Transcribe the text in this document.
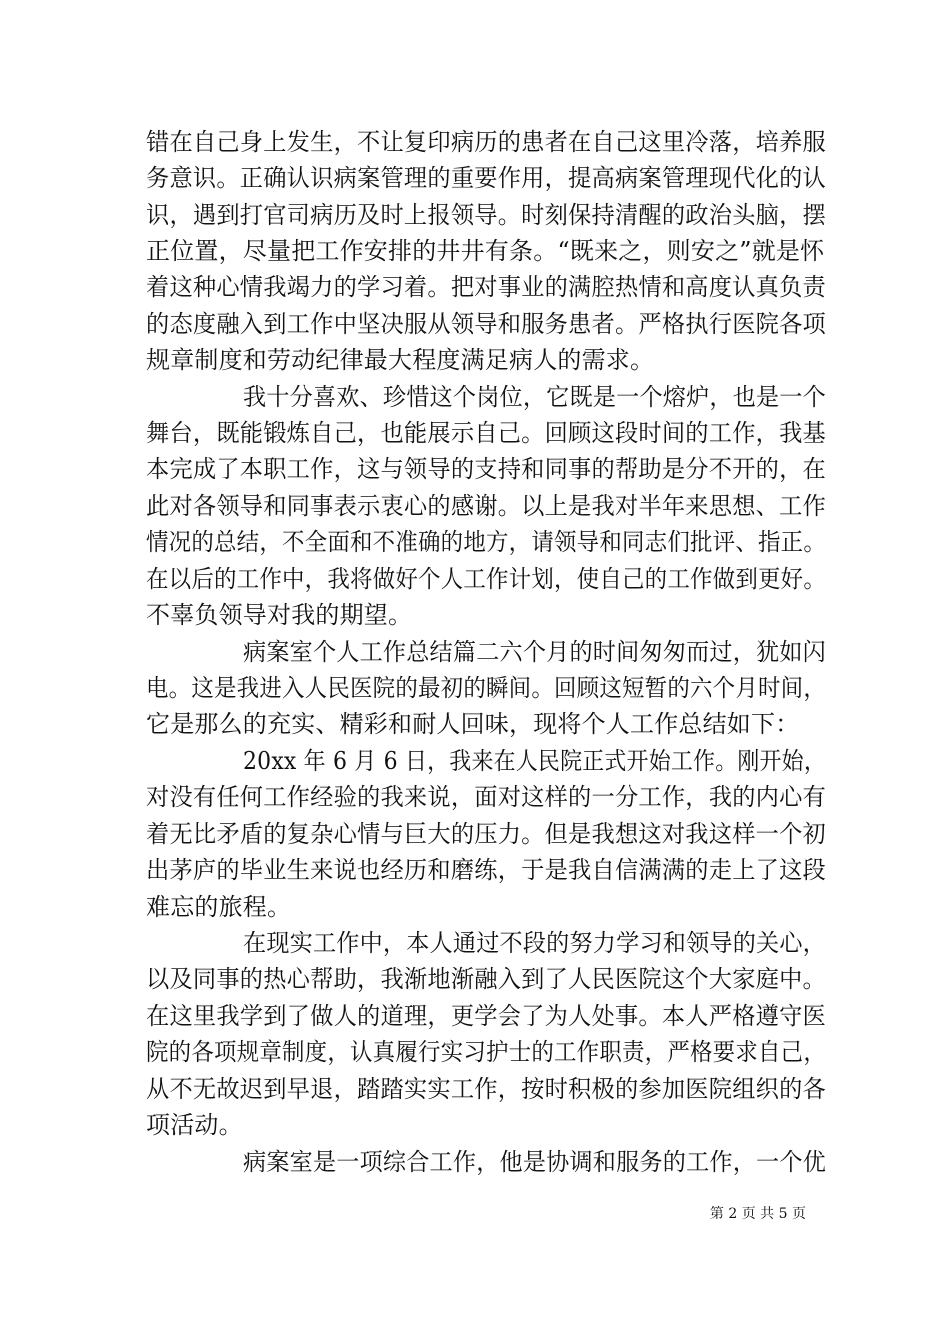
错在自己身上发生，不让复印病历的患者在自己这里冷落，培养服
务意识。正确认识病案管理的重要作用，提高病案管理现代化的认
识，遇到打官司病历及时上报领导。时刻保持清醒的政治头脑，摆
正位置，尽量把工作安排的井井有条。“既来之，则安之”就是怀
着这种心情我竭力的学习着。把对事业的满腔热情和高度认真负责
的态度融入到工作中坚决服从领导和服务患者。严格执行医院各项
规章制度和劳动纪律最大程度满足病人的需求。
我十分喜欢、珍惜这个岗位，它既是一个熔炉，也是一个
舞台，既能锻炼自己，也能展示自己。回顾这段时间的工作，我基
本完成了本职工作，这与领导的支持和同事的帮助是分不开的，在
此对各领导和同事表示衷心的感谢。以上是我对半年来思想、工作
情况的总结，不全面和不准确的地方，请领导和同志们批评、指正。
在以后的工作中，我将做好个人工作计划，使自己的工作做到更好。
不辜负领导对我的期望。
病案室个人工作总结篇二六个月的时间匆匆而过，犹如闪
电。这是我进入人民医院的最初的瞬间。回顾这短暂的六个月时间，
它是那么的充实、精彩和耐人回味，现将个人工作总结如下：
20xx 年 6 月 6 日，我来在人民院正式开始工作。刚开始，
对没有任何工作经验的我来说，面对这样的一分工作，我的内心有
着无比矛盾的复杂心情与巨大的压力。但是我想这对我这样一个初
出茅庐的毕业生来说也经历和磨练，于是我自信满满的走上了这段
难忘的旅程。
在现实工作中，本人通过不段的努力学习和领导的关心，
以及同事的热心帮助，我渐地渐融入到了人民医院这个大家庭中。
在这里我学到了做人的道理，更学会了为人处事。本人严格遵守医
院的各项规章制度，认真履行实习护士的工作职责，严格要求自己，
从不无故迟到早退，踏踏实实工作，按时积极的参加医院组织的各
项活动。
病案室是一项综合工作，他是协调和服务的工作，一个优
第 2 页 共 5 页
